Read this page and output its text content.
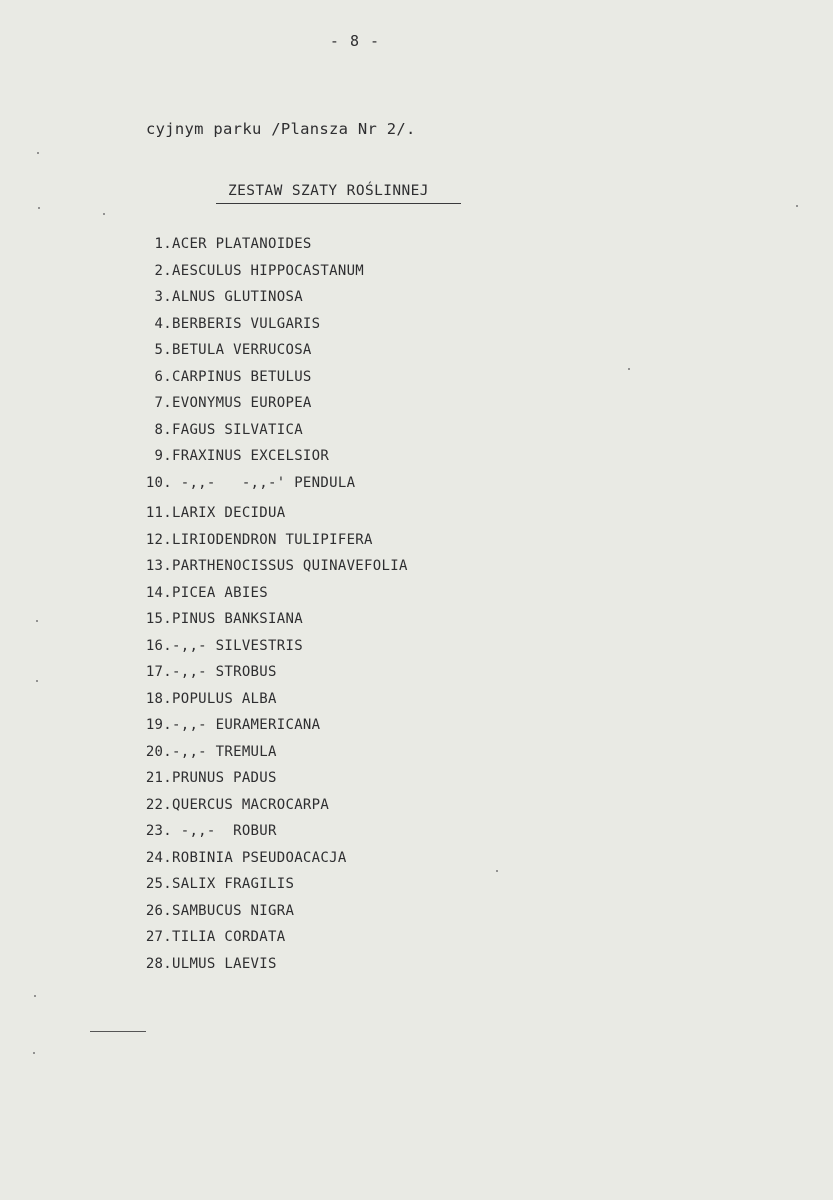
- 8 -
cyjnym parku /Plansza Nr 2/.
ZESTAW SZATY ROŚLINNEJ
1. ACER PLATANOIDES
2. AESCULUS HIPPOCASTANUM
3. ALNUS GLUTINOSA
4. BERBERIS VULGARIS
5. BETULA VERRUCOSA
6. CARPINUS BETULUS
7. EVONYMUS EUROPEA
8. FAGUS SILVATICA
9. FRAXINUS EXCELSIOR
10. -,,-   -,,-' PENDULA
11. LARIX DECIDUA
12. LIRIODENDRON TULIPIFERA
13. PARTHENOCISSUS QUINAVEFOLIA
14. PICEA ABIES
15. PINUS BANKSIANA
16. -,,- SILVESTRIS
17. -,,- STROBUS
18. POPULUS ALBA
19. -,,- EURAMERICANA
20. -,,- TREMULA
21. PRUNUS PADUS
22. QUERCUS MACROCARPA
23. -,,-  ROBUR
24. ROBINIA PSEUDOACACJA
25. SALIX FRAGILIS
26. SAMBUCUS NIGRA
27. TILIA CORDATA
28. ULMUS LAEVIS
